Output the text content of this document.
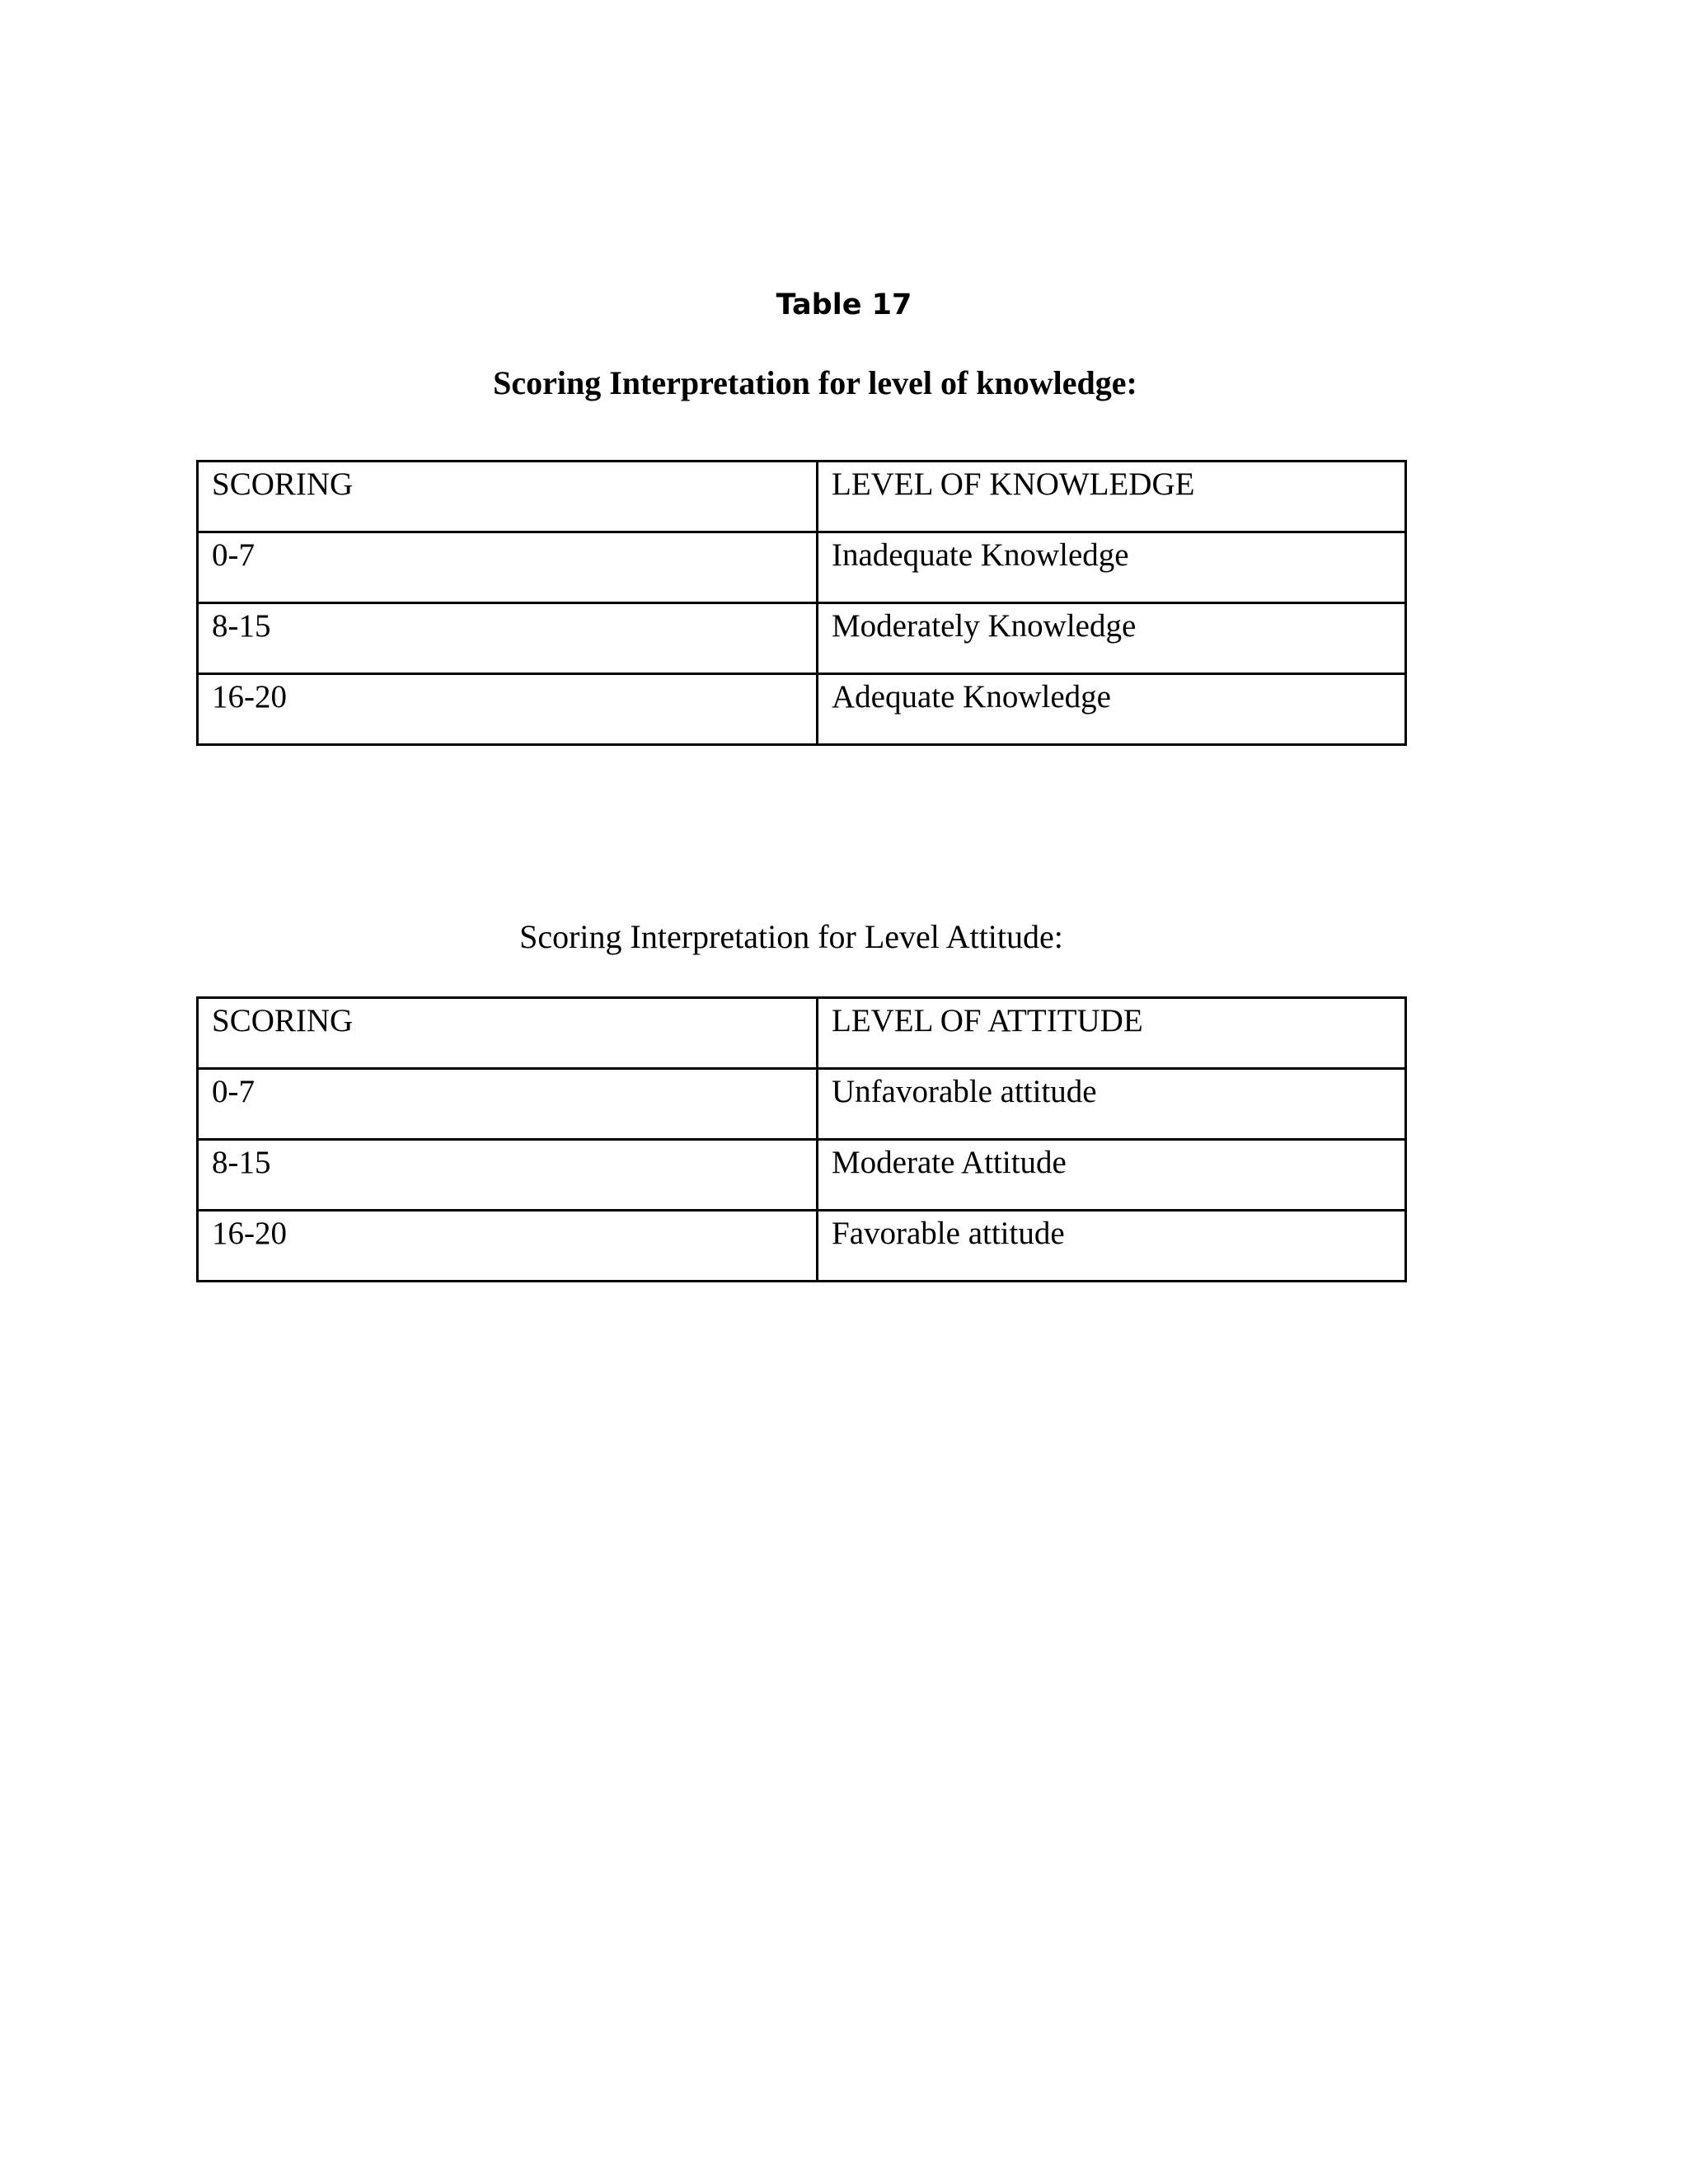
Table 17
Scoring Interpretation for level of knowledge:
SCORING	LEVEL OF KNOWLEDGE
0-7	Inadequate Knowledge
8-15	Moderately Knowledge
16-20	Adequate Knowledge
Scoring Interpretation for Level Attitude:
SCORING	LEVEL OF ATTITUDE
0-7	Unfavorable attitude
8-15	Moderate Attitude
16-20	Favorable attitude
